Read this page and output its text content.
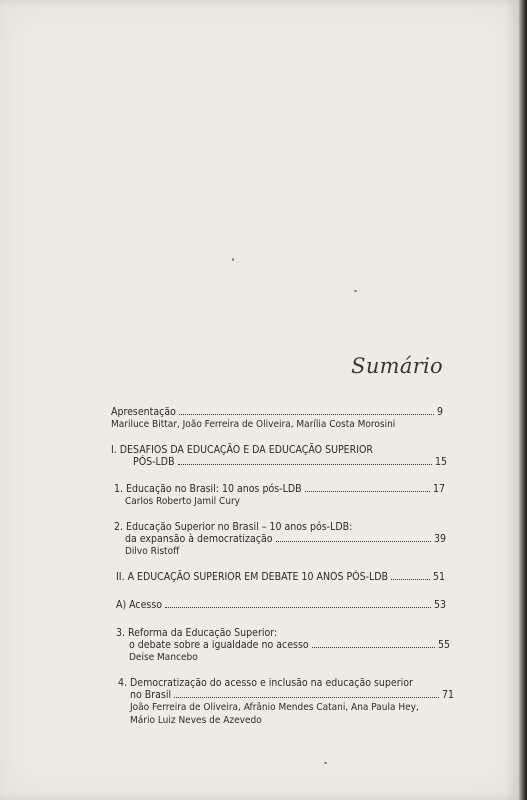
Sumário
Apresentação	9
Mariluce Bittar, João Ferreira de Oliveira, Marília Costa Morosini
I. DESAFIOS DA EDUCAÇÃO E DA EDUCAÇÃO SUPERIOR
PÓS-LDB	15
1. Educação no Brasil: 10 anos pós-LDB	17
Carlos Roberto Jamil Cury
2. Educação Superior no Brasil – 10 anos pós-LDB:
da expansão à democratização	39
Dilvo Ristoff
II. A EDUCAÇÃO SUPERIOR EM DEBATE 10 ANOS PÓS-LDB	51
A) Acesso	53
3. Reforma da Educação Superior:
o debate sobre a igualdade no acesso	55
Deise Mancebo
4. Democratização do acesso e inclusão na educação superior
no Brasil	71
João Ferreira de Oliveira, Afrânio Mendes Catani, Ana Paula Hey,
Mário Luiz Neves de Azevedo
